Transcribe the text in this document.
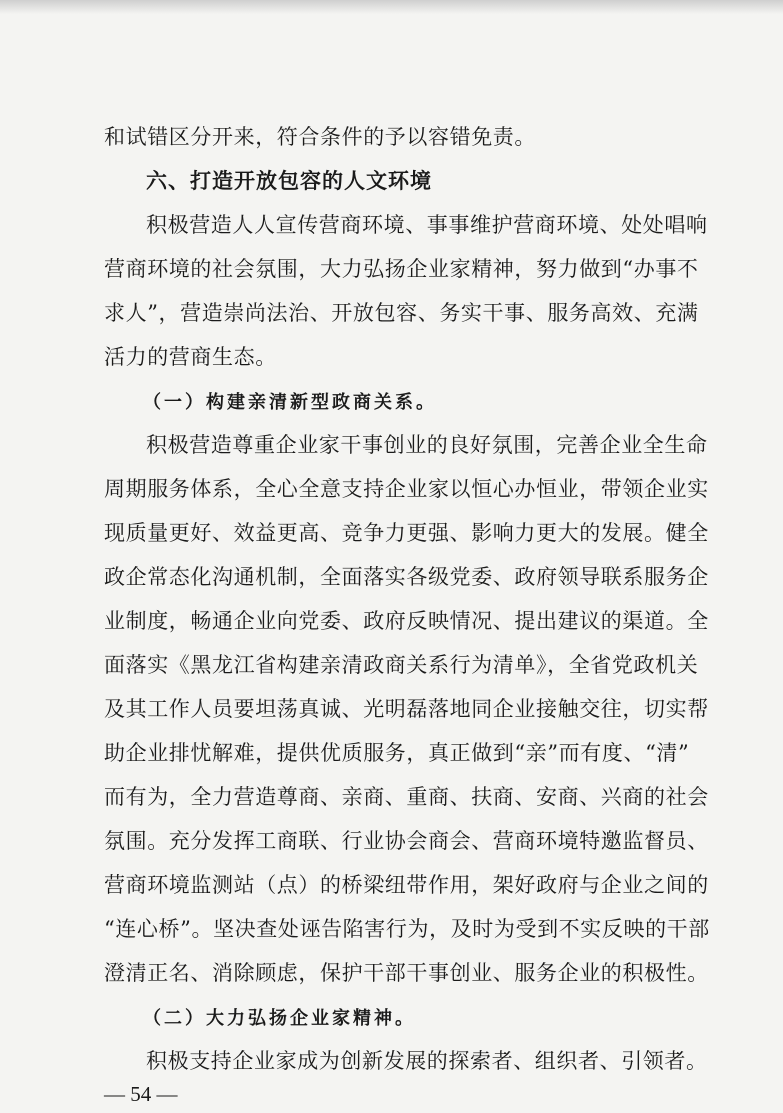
和试错区分开来，符合条件的予以容错免责。
六、打造开放包容的人文环境
积极营造人人宣传营商环境、事事维护营商环境、处处唱响
营商环境的社会氛围，大力弘扬企业家精神，努力做到“办事不
求人”，营造崇尚法治、开放包容、务实干事、服务高效、充满
活力的营商生态。
（一）构建亲清新型政商关系。
积极营造尊重企业家干事创业的良好氛围，完善企业全生命
周期服务体系，全心全意支持企业家以恒心办恒业，带领企业实
现质量更好、效益更高、竞争力更强、影响力更大的发展。健全
政企常态化沟通机制，全面落实各级党委、政府领导联系服务企
业制度，畅通企业向党委、政府反映情况、提出建议的渠道。全
面落实《黑龙江省构建亲清政商关系行为清单》，全省党政机关
及其工作人员要坦荡真诚、光明磊落地同企业接触交往，切实帮
助企业排忧解难，提供优质服务，真正做到“亲”而有度、“清”
而有为，全力营造尊商、亲商、重商、扶商、安商、兴商的社会
氛围。充分发挥工商联、行业协会商会、营商环境特邀监督员、
营商环境监测站（点）的桥梁纽带作用，架好政府与企业之间的
“连心桥”。坚决查处诬告陷害行为，及时为受到不实反映的干部
澄清正名、消除顾虑，保护干部干事创业、服务企业的积极性。
（二）大力弘扬企业家精神。
积极支持企业家成为创新发展的探索者、组织者、引领者。
— 54 —
